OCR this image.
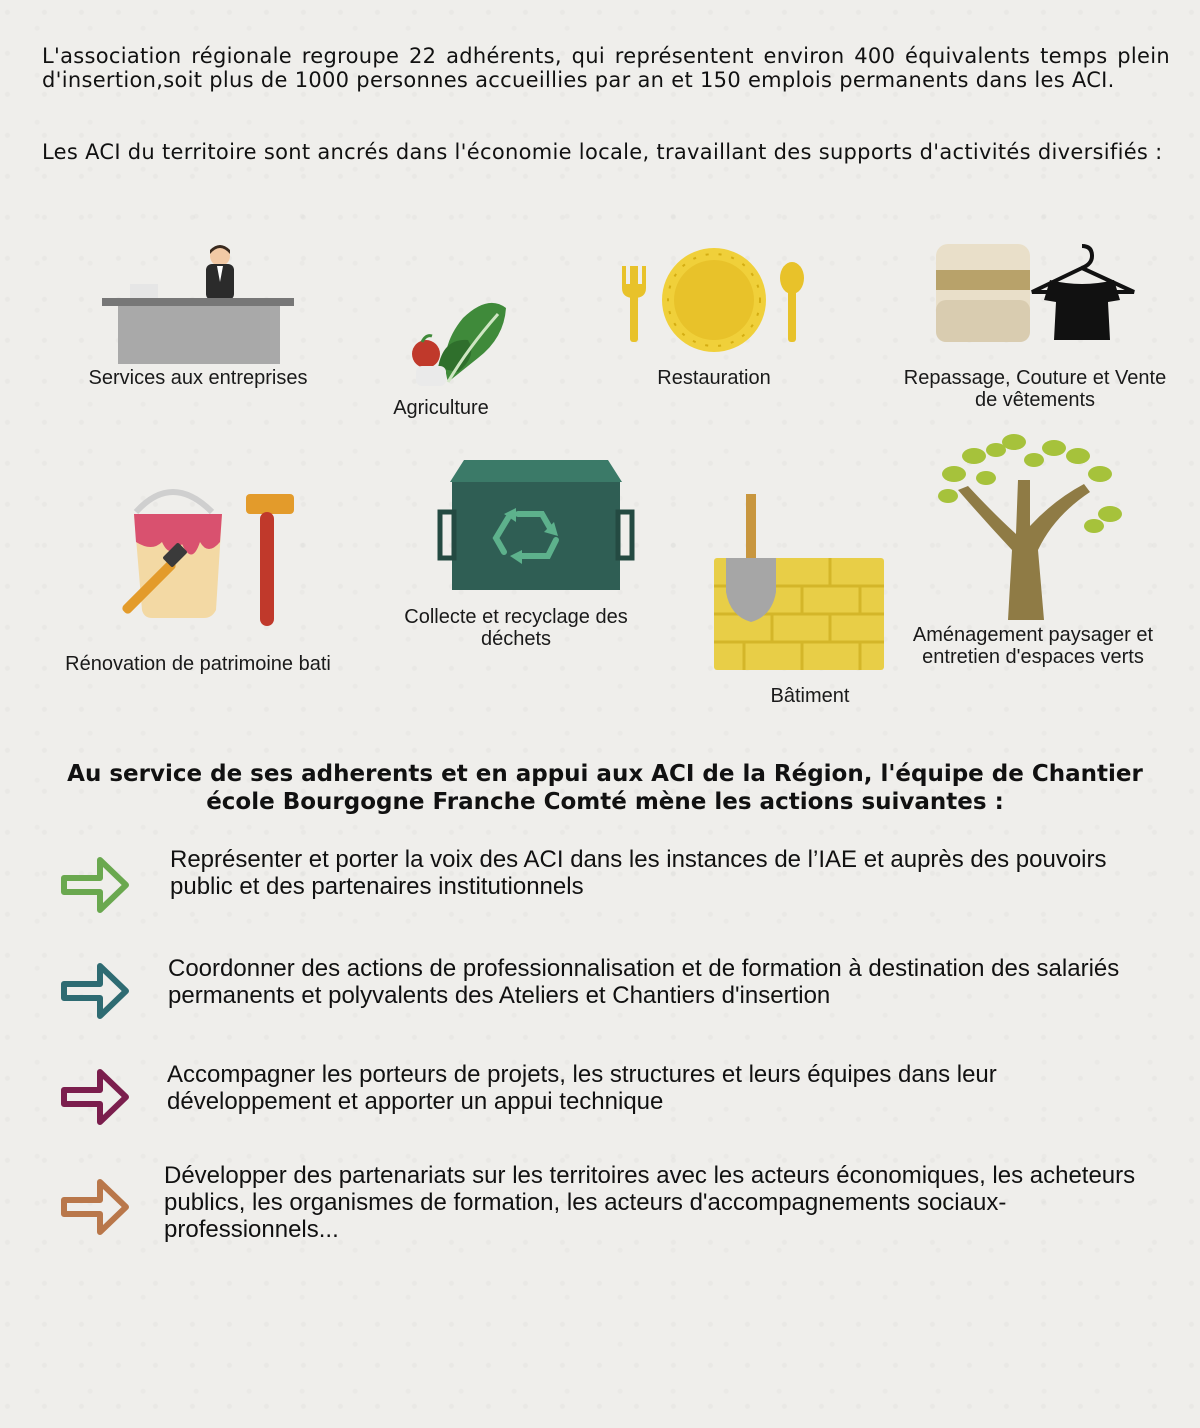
L'association régionale regroupe 22 adhérents, qui représentent environ 400 équivalents temps plein d'insertion,soit plus de 1000 personnes accueillies par an et 150 emplois permanents dans les ACI.

Les ACI du territoire sont ancrés dans l'économie locale, travaillant des supports d'activités diversifiés :

Services aux entreprises
Agriculture
Restauration	Repassage, Couture et Vente de vêtements
Rénovation de patrimoine bati
Collecte et recyclage des déchets
Bâtiment
Aménagement paysager et entretien d'espaces verts
Au service de ses adherents et en appui aux ACI de la Région, l'équipe de Chantier école Bourgogne Franche Comté mène les actions suivantes :
Représenter et porter la voix des ACI dans les instances de l’IAE et auprès des pouvoirs public et des partenaires institutionnels
Coordonner des actions de professionnalisation et de formation à destination des salariés permanents et polyvalents des Ateliers et Chantiers d'insertion
Accompagner les porteurs de projets, les structures et leurs équipes dans leur développement et apporter un appui technique
Développer des partenariats sur les territoires avec les acteurs économiques, les acheteurs publics, les organismes de formation, les acteurs d'accompagnements sociaux-professionnels...
